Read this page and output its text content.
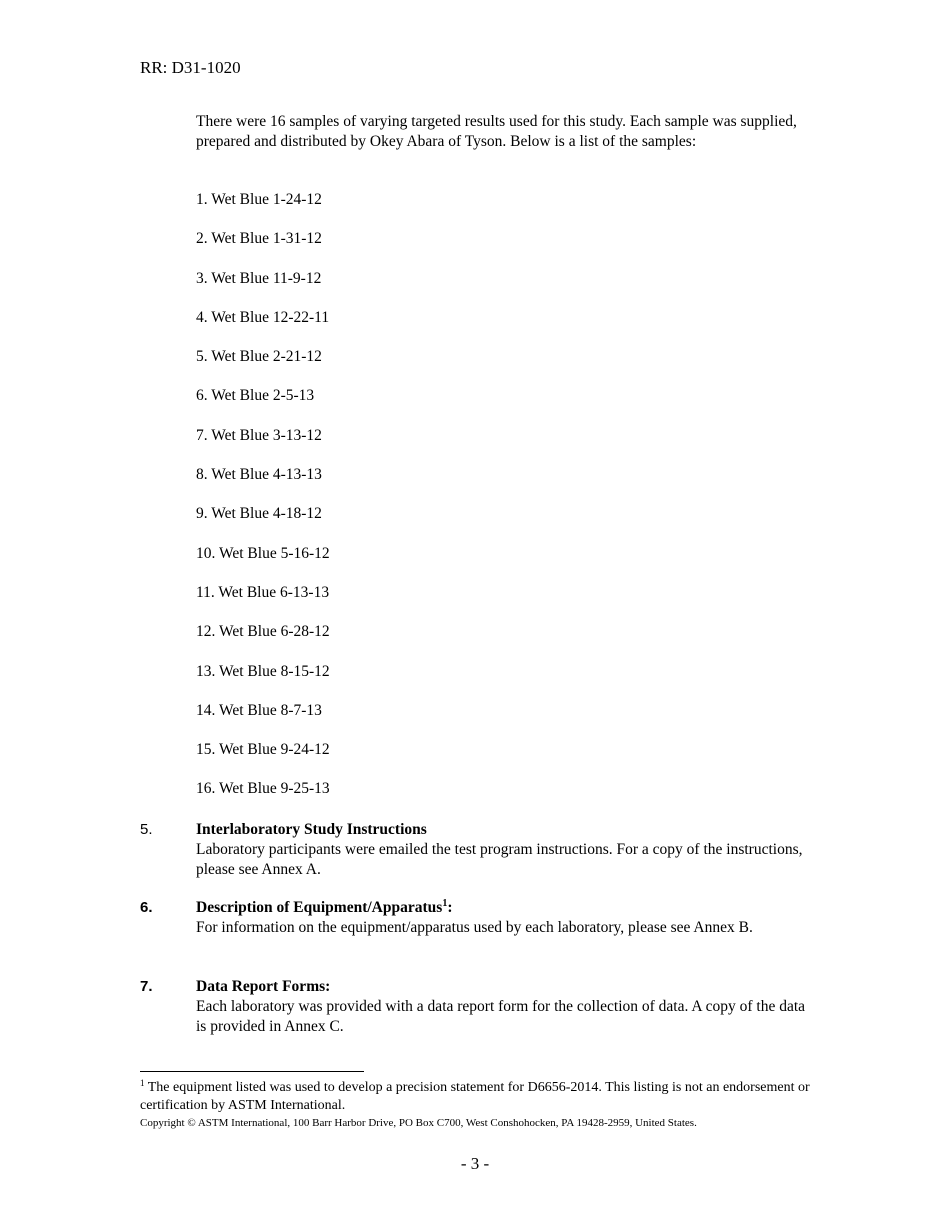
RR: D31-1020
There were 16 samples of varying targeted results used for this study. Each sample was supplied, prepared and distributed by Okey Abara of Tyson. Below is a list of the samples:
1. Wet Blue 1-24-12
2. Wet Blue 1-31-12
3. Wet Blue 11-9-12
4. Wet Blue 12-22-11
5. Wet Blue 2-21-12
6. Wet Blue 2-5-13
7. Wet Blue 3-13-12
8. Wet Blue 4-13-13
9. Wet Blue 4-18-12
10. Wet Blue 5-16-12
11. Wet Blue 6-13-13
12. Wet Blue 6-28-12
13. Wet Blue 8-15-12
14. Wet Blue 8-7-13
15. Wet Blue 9-24-12
16. Wet Blue 9-25-13
5.	Interlaboratory Study Instructions
Laboratory participants were emailed the test program instructions. For a copy of the instructions, please see Annex A.
6.	Description of Equipment/Apparatus$^1$:
For information on the equipment/apparatus used by each laboratory, please see Annex B.
7.	Data Report Forms:
Each laboratory was provided with a data report form for the collection of data. A copy of the data is provided in Annex C.
$^1$ The equipment listed was used to develop a precision statement for D6656-2014. This listing is not an endorsement or certification by ASTM International.
Copyright © ASTM International, 100 Barr Harbor Drive, PO Box C700, West Conshohocken, PA 19428-2959, United States.
- 3 -
